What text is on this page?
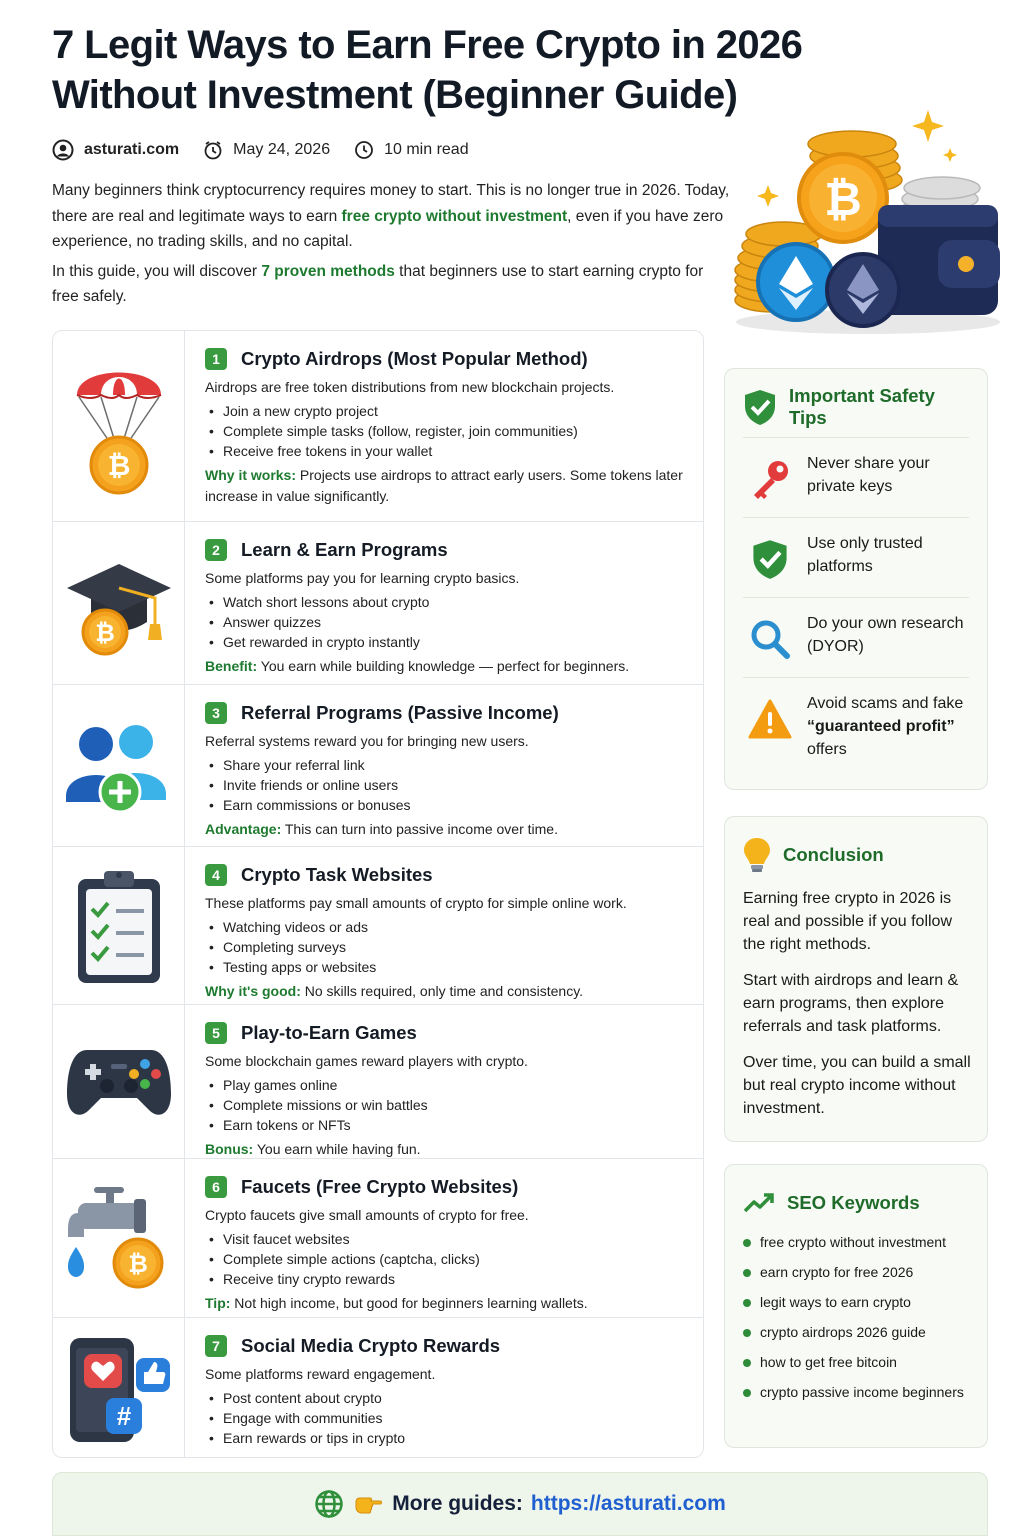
7 Legit Ways to Earn Free Crypto in 2026
Without Investment (Beginner Guide)
asturati.com	May 24, 2026	10 min read

Many beginners think cryptocurrency requires money to start. This is no longer true in 2026. Today, there are real and legitimate ways to earn free crypto without investment, even if you have zero experience, no trading skills, and no capital.

In this guide, you will discover 7 proven methods that beginners use to start earning crypto for free safely.

₿
₿
1	Crypto Airdrops (Most Popular Method)
Airdrops are free token distributions from new blockchain projects.
• Join a new crypto project
• Complete simple tasks (follow, register, join communities)
• Receive free tokens in your wallet
Why it works: Projects use airdrops to attract early users. Some tokens later increase in value significantly.
₿
2	Learn & Earn Programs
Some platforms pay you for learning crypto basics.
• Watch short lessons about crypto
• Answer quizzes
• Get rewarded in crypto instantly
Benefit: You earn while building knowledge — perfect for beginners.
3	Referral Programs (Passive Income)
Referral systems reward you for bringing new users.
• Share your referral link
• Invite friends or online users
• Earn commissions or bonuses
Advantage: This can turn into passive income over time.
4	Crypto Task Websites
These platforms pay small amounts of crypto for simple online work.
• Watching videos or ads
• Completing surveys
• Testing apps or websites
Why it's good: No skills required, only time and consistency.
5	Play-to-Earn Games
Some blockchain games reward players with crypto.
• Play games online
• Complete missions or win battles
• Earn tokens or NFTs
Bonus: You earn while having fun.
₿
6	Faucets (Free Crypto Websites)
Crypto faucets give small amounts of crypto for free.
• Visit faucet websites
• Complete simple actions (captcha, clicks)
• Receive tiny crypto rewards
Tip: Not high income, but good for beginners learning wallets.
#
7	Social Media Crypto Rewards
Some platforms reward engagement.
• Post content about crypto
• Engage with communities
• Earn rewards or tips in crypto
Important Safety Tips
Never share your private keys
Use only trusted platforms
Do your own research (DYOR)
Avoid scams and fake “guaranteed profit” offers
Conclusion
Earning free crypto in 2026 is real and possible if you follow the right methods.
Start with airdrops and learn & earn programs, then explore referrals and task platforms.
Over time, you can build a small but real crypto income without investment.
SEO Keywords
free crypto without investment
earn crypto for free 2026
legit ways to earn crypto
crypto airdrops 2026 guide
how to get free bitcoin
crypto passive income beginners
More guides: https://asturati.com
